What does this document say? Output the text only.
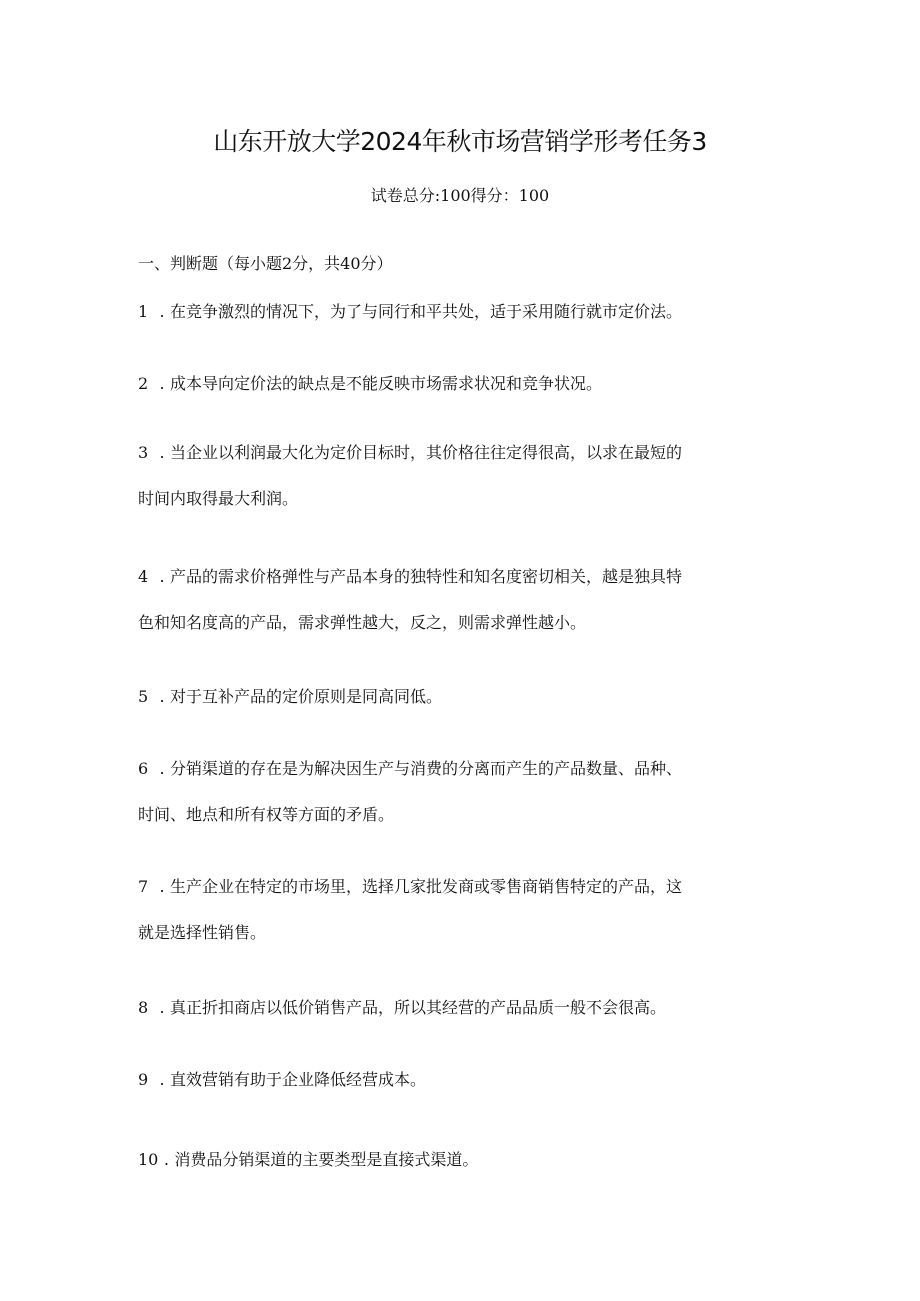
山东开放大学2024年秋市场营销学形考任务3
试卷总分:100得分：100
一、判断题（每小题2分，共40分）
1 . 在竞争激烈的情况下，为了与同行和平共处，适于采用随行就市定价法。
2 . 成本导向定价法的缺点是不能反映市场需求状况和竞争状况。
3 . 当企业以利润最大化为定价目标时，其价格往往定得很高，以求在最短的
时间内取得最大利润。
4 . 产品的需求价格弹性与产品本身的独特性和知名度密切相关，越是独具特
色和知名度高的产品，需求弹性越大，反之，则需求弹性越小。
5 . 对于互补产品的定价原则是同高同低。
6 . 分销渠道的存在是为解决因生产与消费的分离而产生的产品数量、品种、
时间、地点和所有权等方面的矛盾。
7 . 生产企业在特定的市场里，选择几家批发商或零售商销售特定的产品，这
就是选择性销售。
8 . 真正折扣商店以低价销售产品，所以其经营的产品品质一般不会很高。
9 . 直效营销有助于企业降低经营成本。
10 . 消费品分销渠道的主要类型是直接式渠道。
